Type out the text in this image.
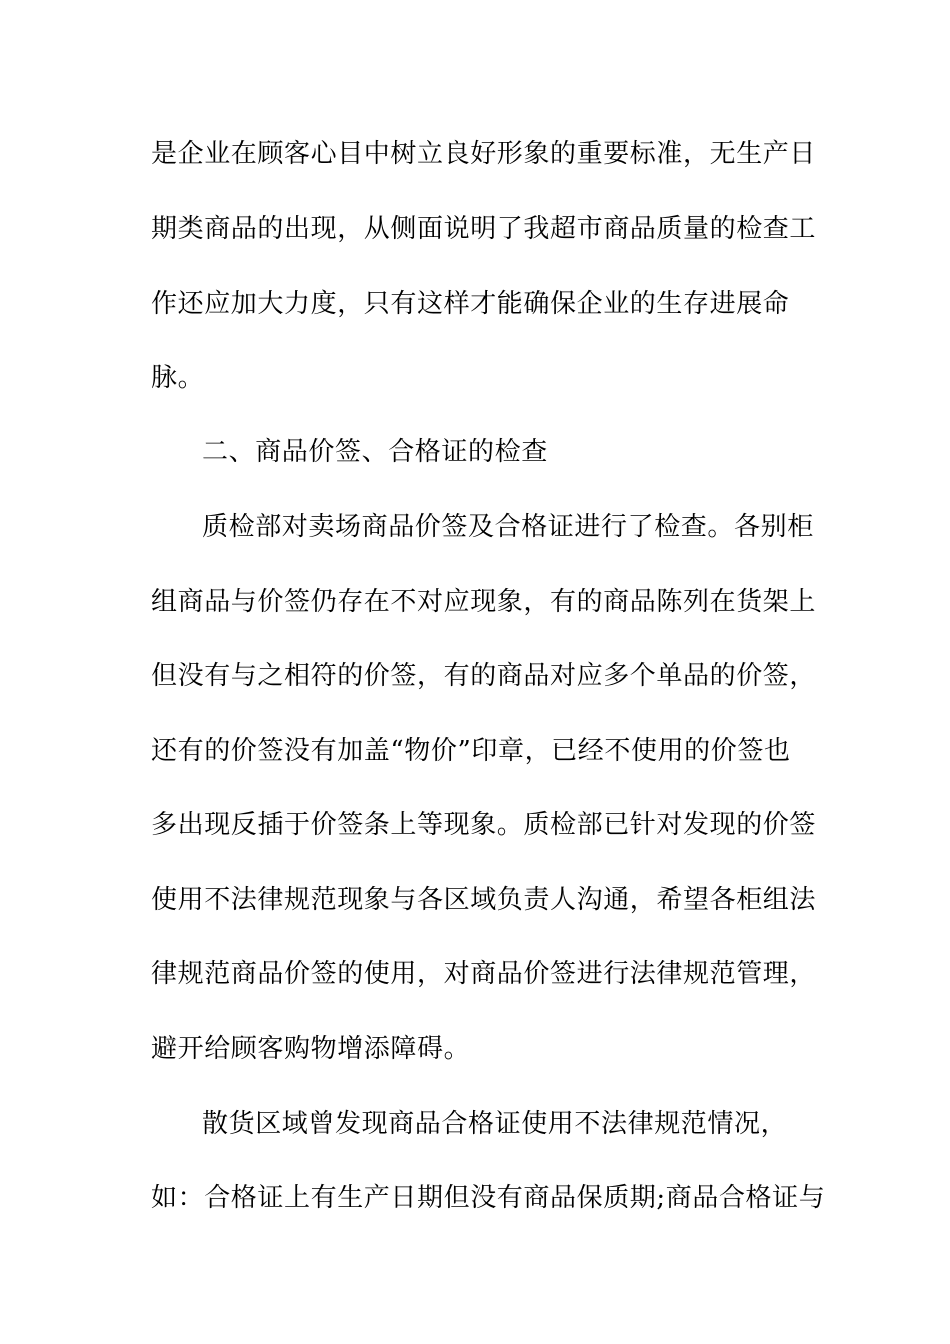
是企业在顾客心目中树立良好形象的重要标准，无生产日
期类商品的出现，从侧面说明了我超市商品质量的检查工
作还应加大力度，只有这样才能确保企业的生存进展命
脉。
二、商品价签、合格证的检查
质检部对卖场商品价签及合格证进行了检查。各别柜
组商品与价签仍存在不对应现象，有的商品陈列在货架上
但没有与之相符的价签，有的商品对应多个单品的价签，
还有的价签没有加盖“物价”印章，已经不使用的价签也
多出现反插于价签条上等现象。质检部已针对发现的价签
使用不法律规范现象与各区域负责人沟通，希望各柜组法
律规范商品价签的使用，对商品价签进行法律规范管理，
避开给顾客购物增添障碍。
散货区域曾发现商品合格证使用不法律规范情况，
如：合格证上有生产日期但没有商品保质期;商品合格证与
